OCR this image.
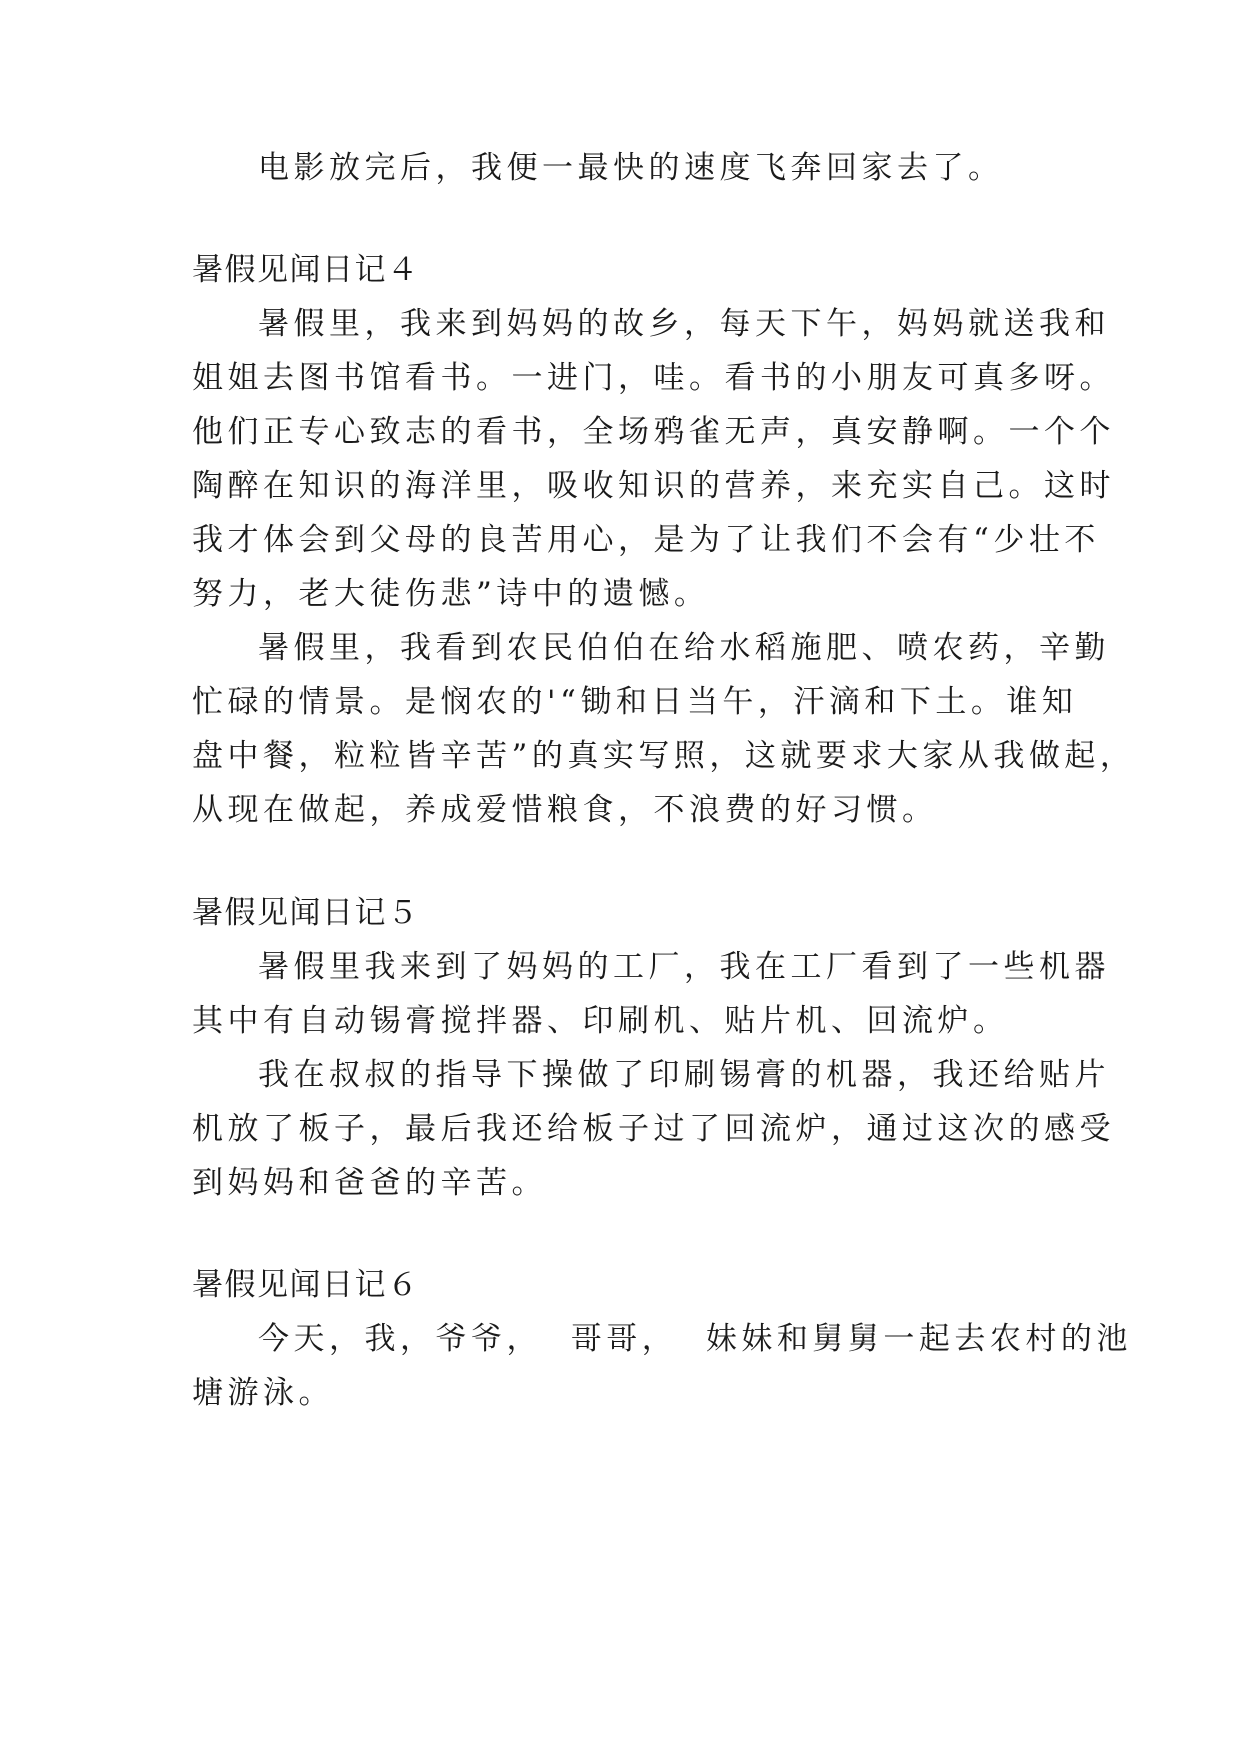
电影放完后，我便一最快的速度飞奔回家去了。

暑假见闻日记４

暑假里，我来到妈妈的故乡，每天下午，妈妈就送我和

姐姐去图书馆看书。一进门，哇。看书的小朋友可真多呀。

他们正专心致志的看书，全场鸦雀无声，真安静啊。一个个

陶醉在知识的海洋里，吸收知识的营养，来充实自己。这时

我才体会到父母的良苦用心，是为了让我们不会有“少壮不

努力，老大徒伤悲”诗中的遗憾。

暑假里，我看到农民伯伯在给水稻施肥、喷农药，辛勤

忙碌的情景。是悯农的'“锄和日当午，汗滴和下土。谁知

盘中餐，粒粒皆辛苦”的真实写照，这就要求大家从我做起，

从现在做起，养成爱惜粮食，不浪费的好习惯。

暑假见闻日记５

暑假里我来到了妈妈的工厂，我在工厂看到了一些机器

其中有自动锡膏搅拌器、印刷机、贴片机、回流炉。

我在叔叔的指导下操做了印刷锡膏的机器，我还给贴片

机放了板子，最后我还给板子过了回流炉，通过这次的感受

到妈妈和爸爸的辛苦。

暑假见闻日记６

今天，我，爷爷，  哥哥，  妹妹和舅舅一起去农村的池

塘游泳。
